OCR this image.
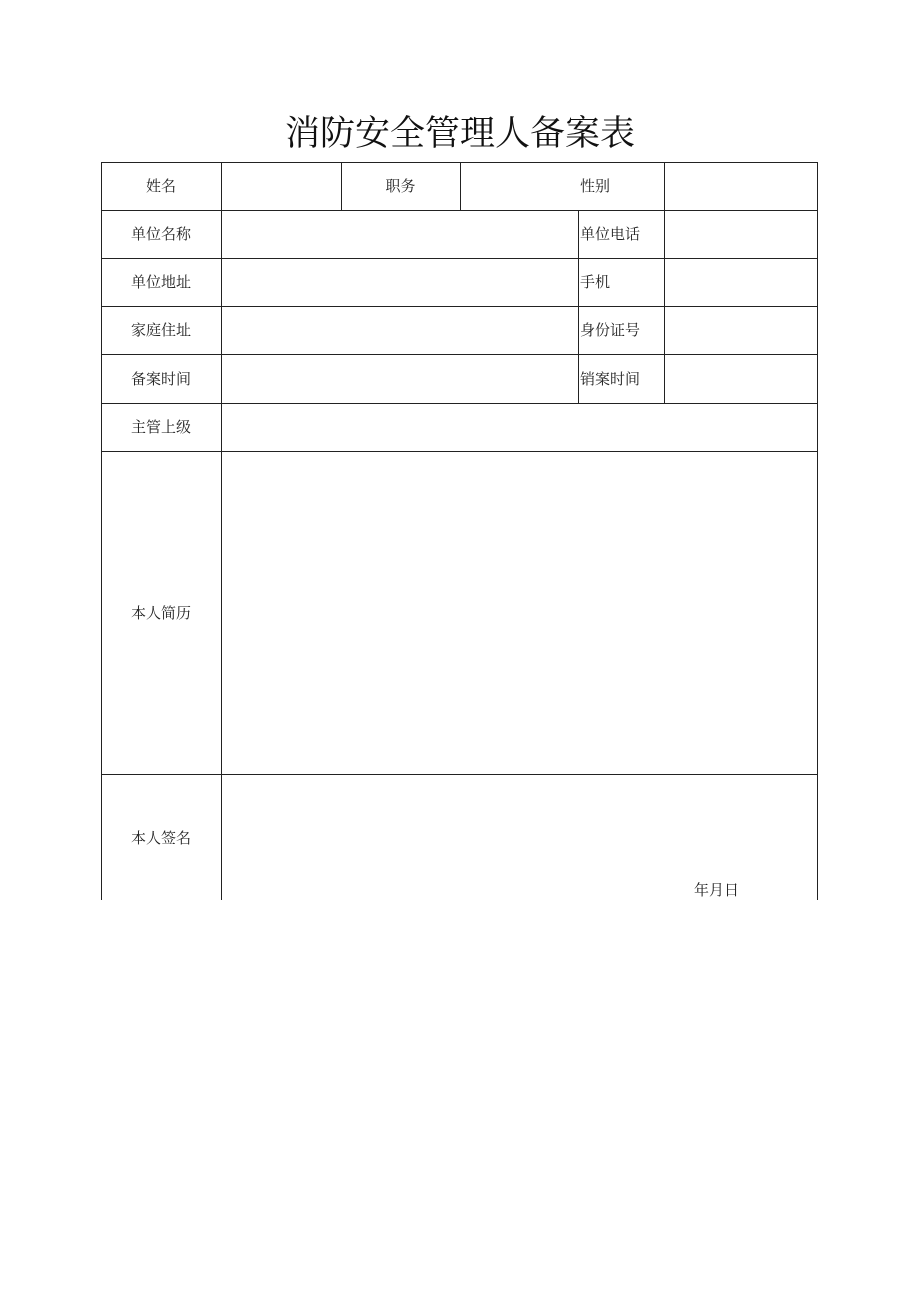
消防安全管理人备案表
姓名	职务	性别
单位名称	单位电话
单位地址	手机
家庭住址	身份证号
备案时间	销案时间
主管上级
本人简历
本人签名
年月日
